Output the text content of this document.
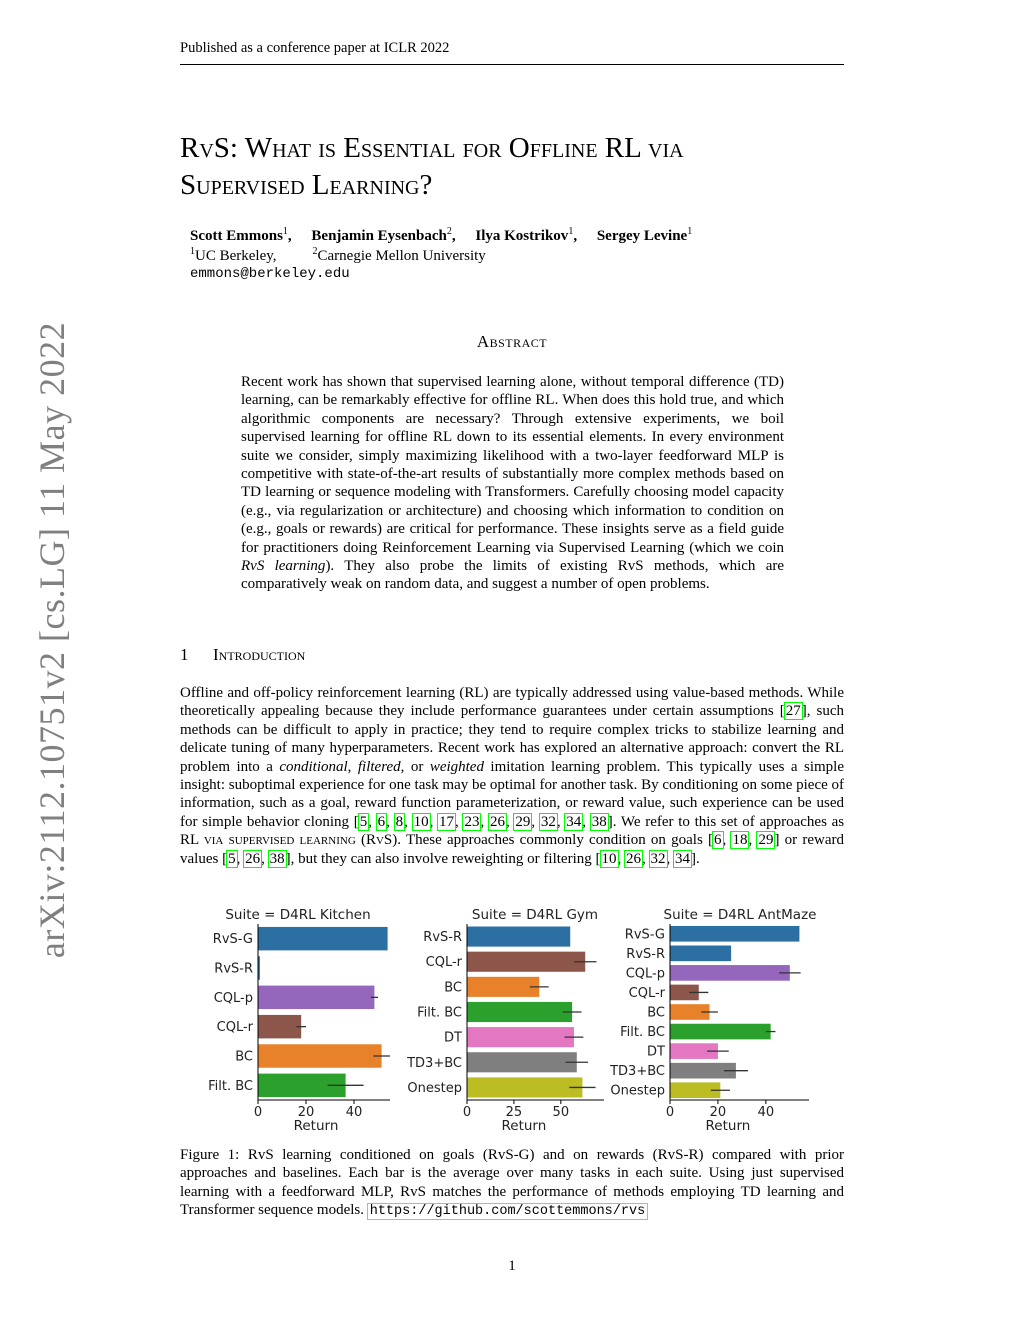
Published as a conference paper at ICLR 2022
arXiv:2112.10751v2 [cs.LG] 11 May 2022
RvS: What is Essential for Offline RL via
Supervised Learning?
Scott Emmons$^1$, Benjamin Eysenbach$^2$, Ilya Kostrikov$^1$, Sergey Levine$^1$
$^1$UC Berkeley,	$^2$Carnegie Mellon University
emmons@berkeley.edu
Abstract
Recent work has shown that supervised learning alone, without temporal difference (TD) learning, can be remarkably effective for offline RL. When does this hold true, and which algorithmic components are necessary? Through extensive experiments, we boil supervised learning for offline RL down to its essential elements. In every environment suite we consider, simply maximizing likelihood with a two-layer feedforward MLP is competitive with state-of-the-art results of substantially more complex methods based on TD learning or sequence modeling with Transformers. Carefully choosing model capacity (e.g., via regularization or architecture) and choosing which information to condition on (e.g., goals or rewards) are critical for performance. These insights serve as a field guide for practitioners doing Reinforcement Learning via Supervised Learning (which we coin RvS learning). They also probe the limits of existing RvS methods, which are comparatively weak on random data, and suggest a number of open problems.
1 Introduction
Offline and off-policy reinforcement learning (RL) are typically addressed using value-based methods. While theoretically appealing because they include performance guarantees under certain assumptions [27], such methods can be difficult to apply in practice; they tend to require complex tricks to stabilize learning and delicate tuning of many hyperparameters. Recent work has explored an alternative approach: convert the RL problem into a conditional, filtered, or weighted imitation learning problem. This typically uses a simple insight: suboptimal experience for one task may be optimal for another task. By conditioning on some piece of information, such as a goal, reward function parameterization, or reward value, such experience can be used for simple behavior cloning [5, 6, 8, 10, 17, 23, 26, 29, 32, 34, 38]. We refer to this set of approaches as RL via supervised learning (RvS). These approaches commonly condition on goals [6, 18, 29] or reward values [5, 26, 38], but they can also involve reweighting or filtering [10, 26, 32, 34].
Suite = D4RL Kitchen
RvS-G
RvS-R
CQL-p
CQL-r
BC
Filt. BC
0	20 40
Return
Suite = D4RL Gym
RvS-R
CQL-r
BC
Filt. BC
DT
TD3+BC
Onestep
0	25 50
Return
Suite = D4RL AntMaze
RvS-G
RvS-R
CQL-p
CQL-r
BC
Filt. BC
DT
TD3+BC
Onestep
0	20 40
Return
Figure 1: RvS learning conditioned on goals (RvS-G) and on rewards (RvS-R) compared with prior approaches and baselines. Each bar is the average over many tasks in each suite. Using just supervised learning with a feedforward MLP, RvS matches the performance of methods employing TD learning and Transformer sequence models. https://github.com/scottemmons/rvs
1
